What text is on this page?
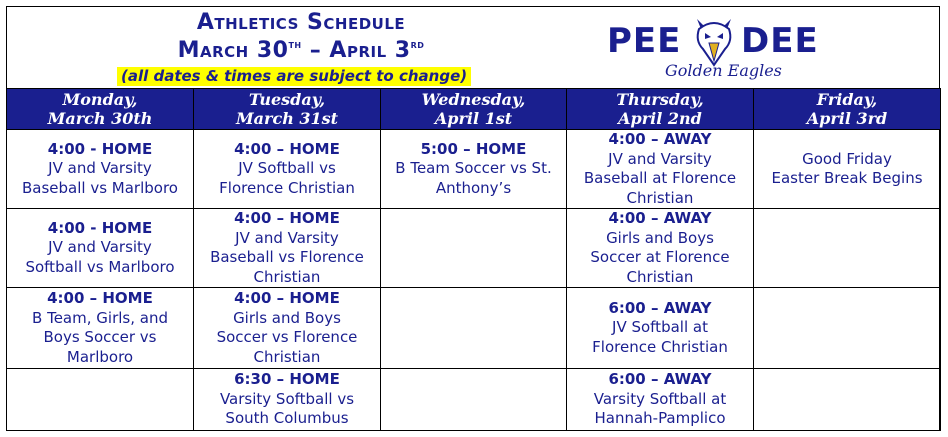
Athletics Schedule
March 30th – April 3rd
(all dates & times are subject to change)
PEE DEE
Golden Eagles
Monday,
March 30th	Tuesday,
March 31st	Wednesday,
April 1st	Thursday,
April 2nd	Friday,
April 3rd

4:00 - HOME
JV and Varsity
Baseball vs Marlboro	4:00 – HOME
JV Softball vs
Florence Christian	5:00 – HOME
B Team Soccer vs St.
Anthony’s	4:00 – AWAY
JV and Varsity
Baseball at Florence
Christian	Good Friday
Easter Break Begins

4:00 - HOME
JV and Varsity
Softball vs Marlboro	4:00 – HOME
JV and Varsity
Baseball vs Florence
Christian		4:00 – AWAY
Girls and Boys
Soccer at Florence
Christian	

4:00 – HOME
B Team, Girls, and
Boys Soccer vs
Marlboro	4:00 – HOME
Girls and Boys
Soccer vs Florence
Christian		6:00 – AWAY
JV Softball at
Florence Christian	

	6:30 – HOME
Varsity Softball vs
South Columbus		6:00 – AWAY
Varsity Softball at
Hannah-Pamplico	
